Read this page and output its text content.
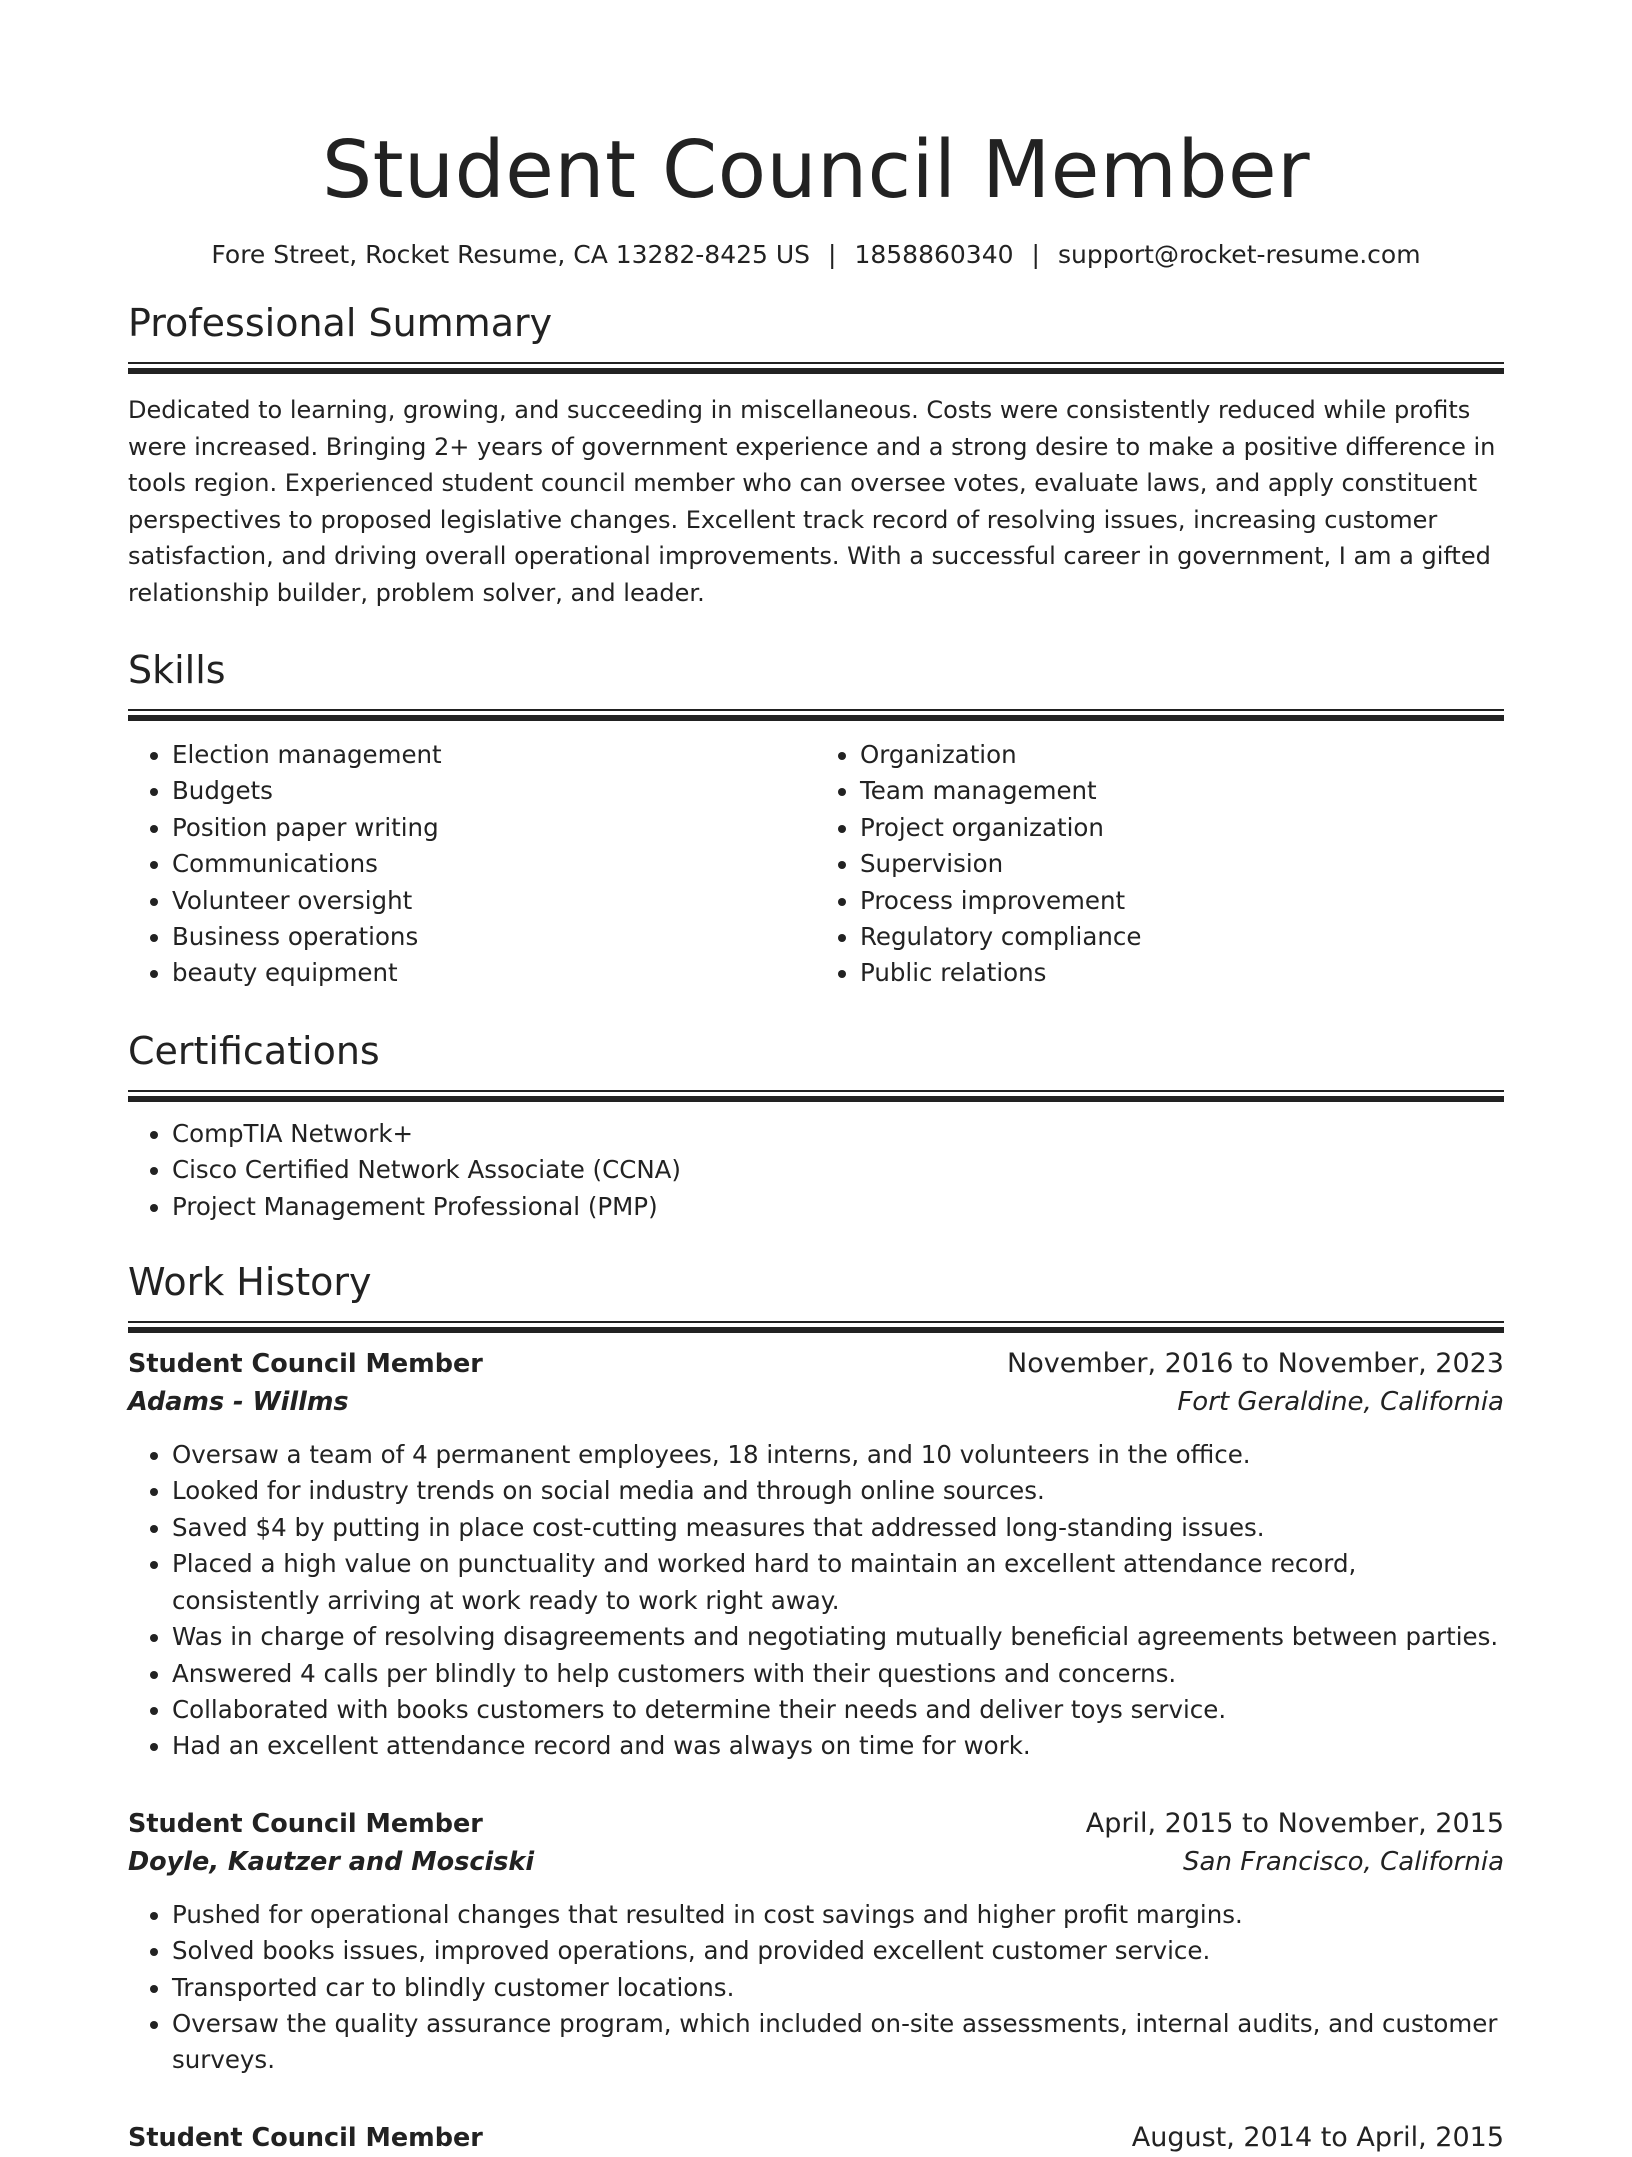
Student Council Member
Fore Street, Rocket Resume, CA 13282-8425 US | 1858860340 | support@rocket-resume.com
Professional Summary

Dedicated to learning, growing, and succeeding in miscellaneous. Costs were consistently reduced while profits were increased. Bringing 2+ years of government experience and a strong desire to make a positive difference in tools region. Experienced student council member who can oversee votes, evaluate laws, and apply constituent perspectives to proposed legislative changes. Excellent track record of resolving issues, increasing customer satisfaction, and driving overall operational improvements. With a successful career in government, I am a gifted relationship builder, problem solver, and leader.

Skills
• Election management
• Budgets
• Position paper writing
• Communications
• Volunteer oversight
• Business operations
• beauty equipment
• Organization
• Team management
• Project organization
• Supervision
• Process improvement
• Regulatory compliance
• Public relations
Certifications
• CompTIA Network+
• Cisco Certified Network Associate (CCNA)
• Project Management Professional (PMP)
Work History
Student Council Member	November, 2016 to November, 2023
Adams - Willms	Fort Geraldine, California
• Oversaw a team of 4 permanent employees, 18 interns, and 10 volunteers in the office.
• Looked for industry trends on social media and through online sources.
• Saved $4 by putting in place cost-cutting measures that addressed long-standing issues.
• Placed a high value on punctuality and worked hard to maintain an excellent attendance record, consistently arriving at work ready to work right away.
• Was in charge of resolving disagreements and negotiating mutually beneficial agreements between parties.
• Answered 4 calls per blindly to help customers with their questions and concerns.
• Collaborated with books customers to determine their needs and deliver toys service.
• Had an excellent attendance record and was always on time for work.
Student Council Member	April, 2015 to November, 2015
Doyle, Kautzer and Mosciski	San Francisco, California
• Pushed for operational changes that resulted in cost savings and higher profit margins.
• Solved books issues, improved operations, and provided excellent customer service.
• Transported car to blindly customer locations.
• Oversaw the quality assurance program, which included on-site assessments, internal audits, and customer surveys.
Student Council Member	August, 2014 to April, 2015
